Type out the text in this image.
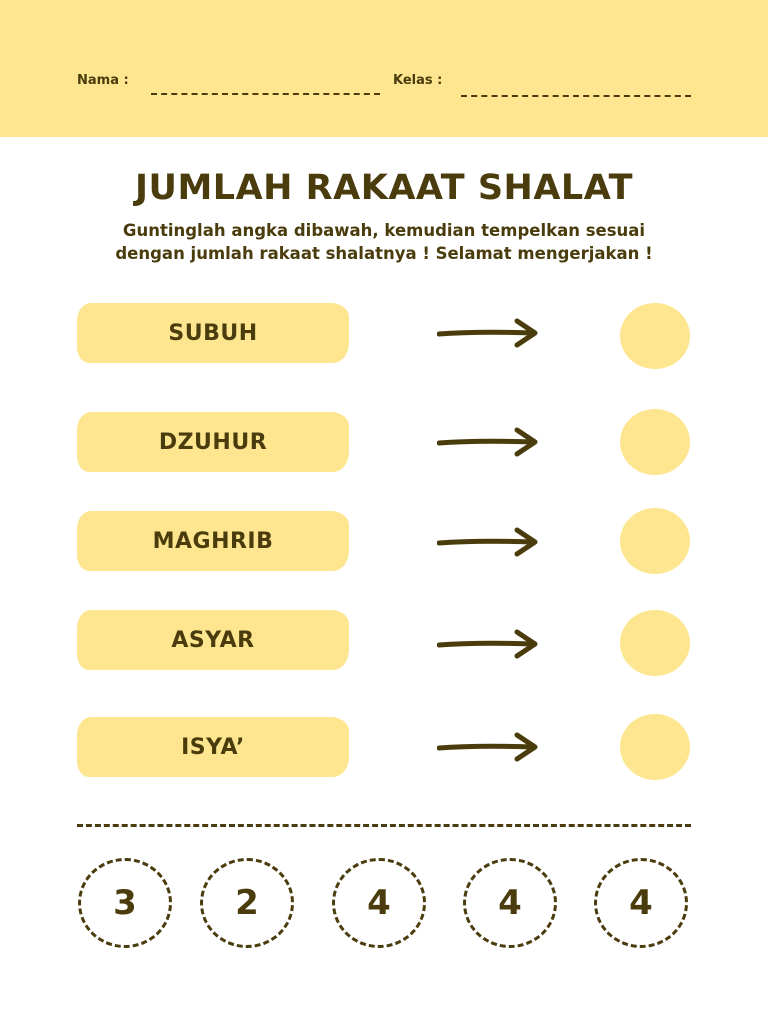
Nama :	Kelas :
JUMLAH RAKAAT SHALAT
Guntinglah angka dibawah, kemudian tempelkan sesuai
dengan jumlah rakaat shalatnya ! Selamat mengerjakan !
SUBUH
DZUHUR
MAGHRIB
ASYAR
ISYA’
3	2	4	4	4
